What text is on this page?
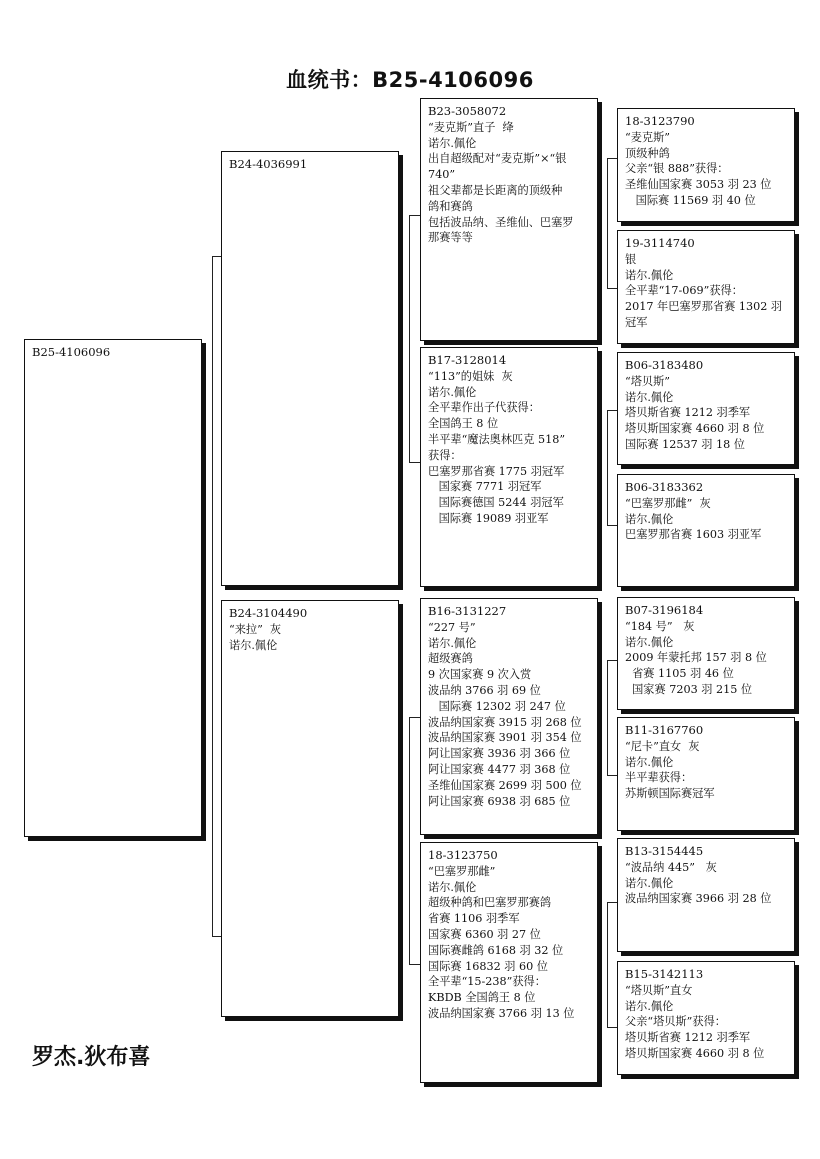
血统书：B25-4106096
B25-4106096
B24-4036991
B24-3104490
“来拉”  灰
诺尔.佩伦
B23-3058072
“麦克斯”直子  绛
诺尔.佩伦
出自超级配对“麦克斯”×“银
740”
祖父辈都是长距离的顶级种
鸽和赛鸽
包括波品纳、圣维仙、巴塞罗
那赛等等
B17-3128014
“113”的姐妹  灰
诺尔.佩伦
全平辈作出子代获得：
全国鸽王 8 位
半平辈“魔法奥林匹克 518”
获得：
巴塞罗那省赛 1775 羽冠军
国家赛 7771 羽冠军
国际赛德国 5244 羽冠军
国际赛 19089 羽亚军
B16-3131227
“227 号”
诺尔.佩伦
超级赛鸽
9 次国家赛 9 次入赏
波品纳 3766 羽 69 位
国际赛 12302 羽 247 位
波品纳国家赛 3915 羽 268 位
波品纳国家赛 3901 羽 354 位
阿让国家赛 3936 羽 366 位
阿让国家赛 4477 羽 368 位
圣维仙国家赛 2699 羽 500 位
阿让国家赛 6938 羽 685 位
18-3123750
“巴塞罗那雌”
诺尔.佩伦
超级种鸽和巴塞罗那赛鸽
省赛 1106 羽季军
国家赛 6360 羽 27 位
国际赛雌鸽 6168 羽 32 位
国际赛 16832 羽 60 位
全平辈“15-238”获得：
KBDB 全国鸽王 8 位
波品纳国家赛 3766 羽 13 位
18-3123790
“麦克斯”
顶级种鸽
父亲“银 888”获得：
圣维仙国家赛 3053 羽 23 位
国际赛 11569 羽 40 位
19-3114740
银
诺尔.佩伦
全平辈“17-069”获得：
2017 年巴塞罗那省赛 1302 羽
冠军
B06-3183480
“塔贝斯”
诺尔.佩伦
塔贝斯省赛 1212 羽季军
塔贝斯国家赛 4660 羽 8 位
国际赛 12537 羽 18 位
B06-3183362
“巴塞罗那雌”  灰
诺尔.佩伦
巴塞罗那省赛 1603 羽亚军
B07-3196184
“184 号”   灰
诺尔.佩伦
2009 年蒙托邦 157 羽 8 位
省赛 1105 羽 46 位
国家赛 7203 羽 215 位
B11-3167760
“尼卡”直女  灰
诺尔.佩伦
半平辈获得：
苏斯顿国际赛冠军
B13-3154445
“波品纳 445”   灰
诺尔.佩伦
波品纳国家赛 3966 羽 28 位
B15-3142113
“塔贝斯”直女
诺尔.佩伦
父亲“塔贝斯”获得：
塔贝斯省赛 1212 羽季军
塔贝斯国家赛 4660 羽 8 位
罗杰.狄布喜
